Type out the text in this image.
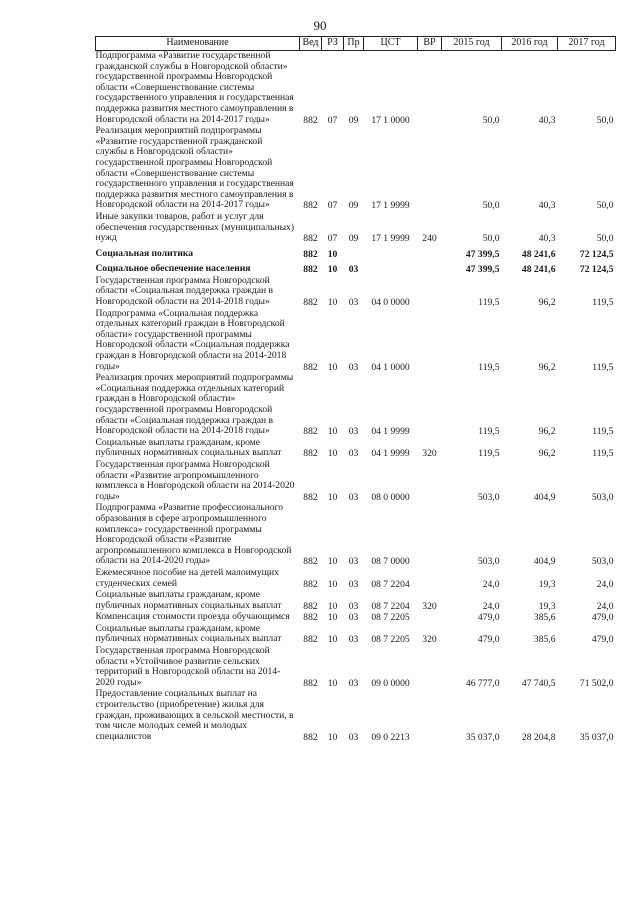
90
Наименование	Вед	РЗ	Пр	ЦСТ	ВР	2015 год	2016 год	2017 год
Подпрограмма «Развитие государственной гражданской службы в Новгородской области» государственной программы Новгородской области «Совершенствование системы государственного управления и государственная поддержка развития местного самоуправления в Новгородской области на 2014-2017 годы»	882	07	09	17 1 0000		50,0	40,3	50,0
Реализация мероприятий подпрограммы «Развитие государственной гражданской службы в Новгородской области» государственной программы Новгородской области «Совершенствование системы государственного управления и государственная поддержка развития местного самоуправления в Новгородской области на 2014-2017 годы»	882	07	09	17 1 9999		50,0	40,3	50,0
Иные закупки товаров, работ и услуг для обеспечения государственных (муниципальных) нужд	882	07	09	17 1 9999	240	50,0	40,3	50,0
Социальная политика	882	10				47 399,5	48 241,6	72 124,5
Социальное обеспечение населения	882	10	03			47 399,5	48 241,6	72 124,5
Государственная программа Новгородской области «Социальная поддержка граждан в Новгородской области на 2014-2018 годы»	882	10	03	04 0 0000		119,5	96,2	119,5
Подпрограмма «Социальная поддержка отдельных категорий граждан в Новгородской области» государственной программы Новгородской области «Социальная поддержка граждан в Новгородской области на 2014-2018 годы»	882	10	03	04 1 0000		119,5	96,2	119,5
Реализация прочих мероприятий подпрограммы «Социальная поддержка отдельных категорий граждан в Новгородской области» государственной программы Новгородской области «Социальная поддержка граждан в Новгородской области на 2014-2018 годы»	882	10	03	04 1 9999		119,5	96,2	119,5
Социальные выплаты гражданам, кроме публичных нормативных социальных выплат	882	10	03	04 1 9999	320	119,5	96,2	119,5
Государственная программа Новгородской области «Развитие агропромышленного комплекса в Новгородской области на 2014-2020 годы»	882	10	03	08 0 0000		503,0	404,9	503,0
Подпрограмма «Развитие профессионального образования в сфере агропромышленного комплекса» государственной программы Новгородской области «Развитие агропромышленного комплекса в Новгородской области на 2014-2020 годы»	882	10	03	08 7 0000		503,0	404,9	503,0
Ежемесячное пособие на детей малоимущих студенческих семей	882	10	03	08 7 2204		24,0	19,3	24,0
Социальные выплаты гражданам, кроме публичных нормативных социальных выплат	882	10	03	08 7 2204	320	24,0	19,3	24,0
Компенсация стоимости проезда обучающимся	882	10	03	08 7 2205		479,0	385,6	479,0
Социальные выплаты гражданам, кроме публичных нормативных социальных выплат	882	10	03	08 7 2205	320	479,0	385,6	479,0
Государственная программа Новгородской области «Устойчивое развитие сельских территорий в Новгородской области на 2014-2020 годы»	882	10	03	09 0 0000		46 777,0	47 740,5	71 502,0
Предоставление социальных выплат на строительство (приобретение) жилья для граждан, проживающих в сельской местности, в том числе молодых семей и молодых специалистов	882	10	03	09 0 2213		35 037,0	28 204,8	35 037,0
